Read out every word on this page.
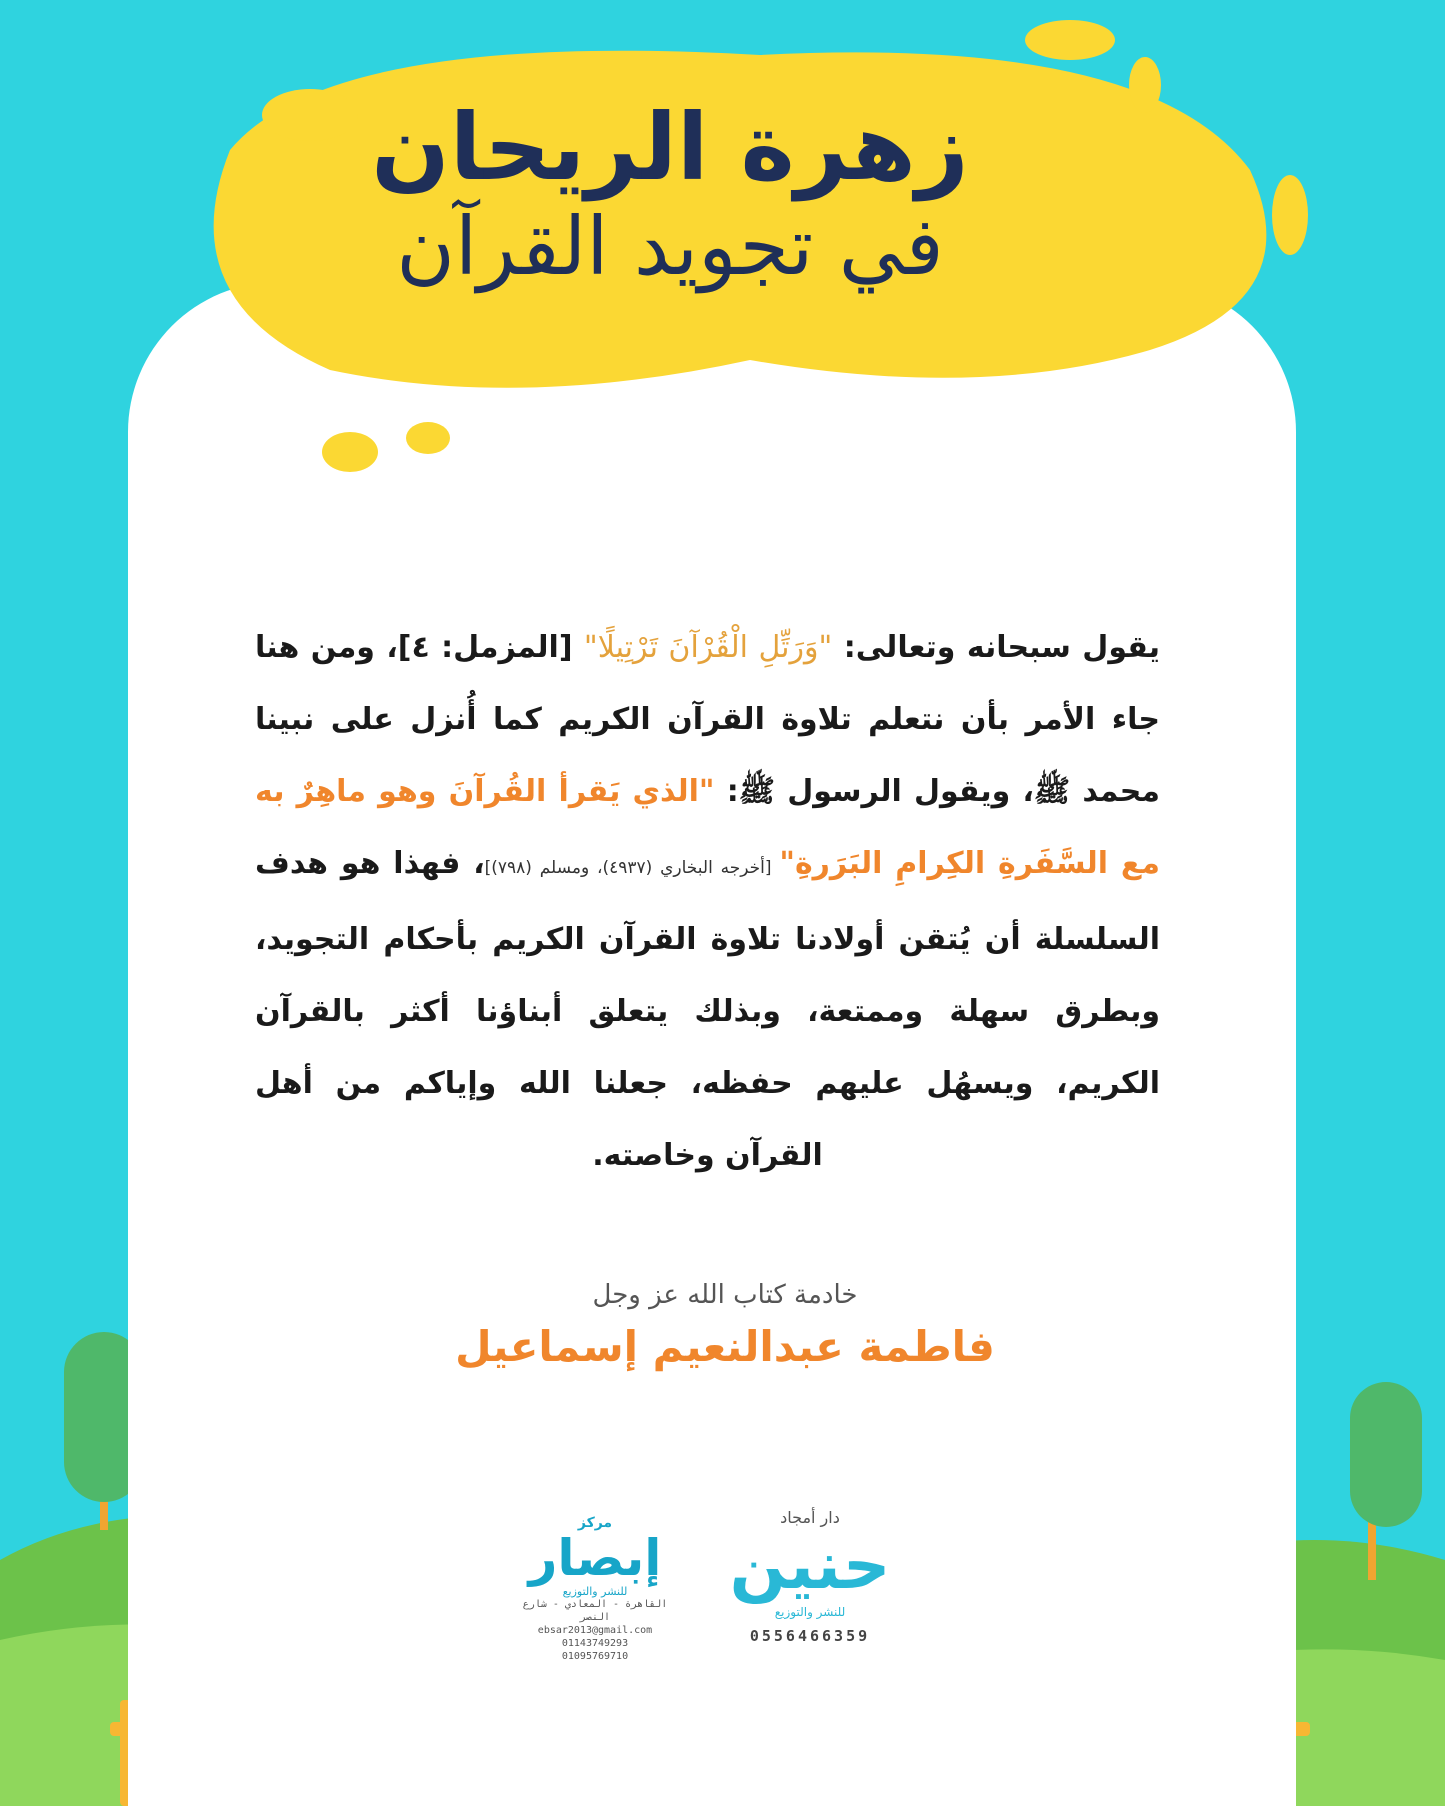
زهرة الريحان
في تجويد القرآن
يقول سبحانه وتعالى: "وَرَتِّلِ الْقُرْآنَ تَرْتِيلًا" [المزمل: ٤]، ومن هنا جاء الأمر بأن نتعلم تلاوة القرآن الكريم كما أُنزل على نبينا محمد ﷺ، ويقول الرسول ﷺ: "الذي يَقرأ القُرآنَ وهو ماهِرٌ به مع السَّفَرةِ الكِرامِ البَرَرةِ" [أخرجه البخاري (٤٩٣٧)، ومسلم (٧٩٨)]، فهذا هو هدف السلسلة أن يُتقن أولادنا تلاوة القرآن الكريم بأحكام التجويد، وبطرق سهلة وممتعة، وبذلك يتعلق أبناؤنا أكثر بالقرآن الكريم، ويسهُل عليهم حفظه، جعلنا الله وإياكم من أهل القرآن وخاصته.
خادمة كتاب الله عز وجل
فاطمة عبدالنعيم إسماعيل
مركز
إبصار
للنشر والتوزيع
القاهرة - المعادي - شارع النصر
ebsar2013@gmail.com
01143749293
01095769710
دار أمجاد
حنين
للنشر والتوزيع
0556466359
